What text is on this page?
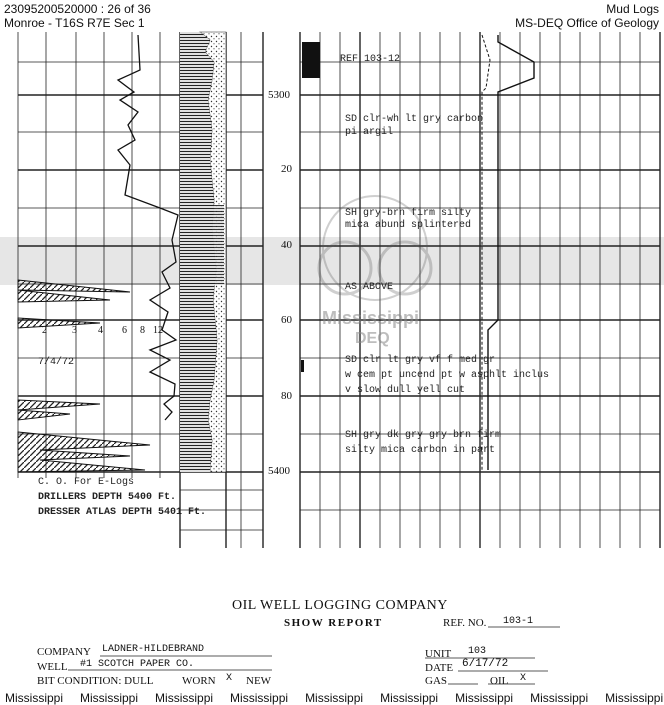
23095200520000 : 26 of 36
Monroe - T16S R7E Sec 1
Mud Logs
MS-DEQ Office of Geology
5300
20
40
60
80
5400
2	3 4 6 8 12
7/4/72
REF 103-12
SD clr-wh lt gry carbon
pi argil
SH gry-brn firm silty
mica abund splintered
AS ABOVE
SD clr lt gry vf f med gr
w cem pt uncend pt w asphlt inclus
v slow dull yell cut
SH gry dk gry gry-brn firm
silty mica carbon in part
C. O. For E-Logs
DRILLERS DEPTH 5400 Ft.
DRESSER ATLAS DEPTH 5401 Ft.
Mississippi
DEQ
OIL WELL LOGGING COMPANY
SHOW REPORT	REF. NO. 103-1
COMPANY LADNER-HILDEBRAND
WELL #1 SCOTCH PAPER CO.
BIT CONDITION: DULL	WORN X NEW
UNIT 103
DATE 6/17/72
GAS	OIL X
Mississippi Mississippi Mississippi Mississippi Mississippi Mississippi Mississippi Mississippi Mississippi
